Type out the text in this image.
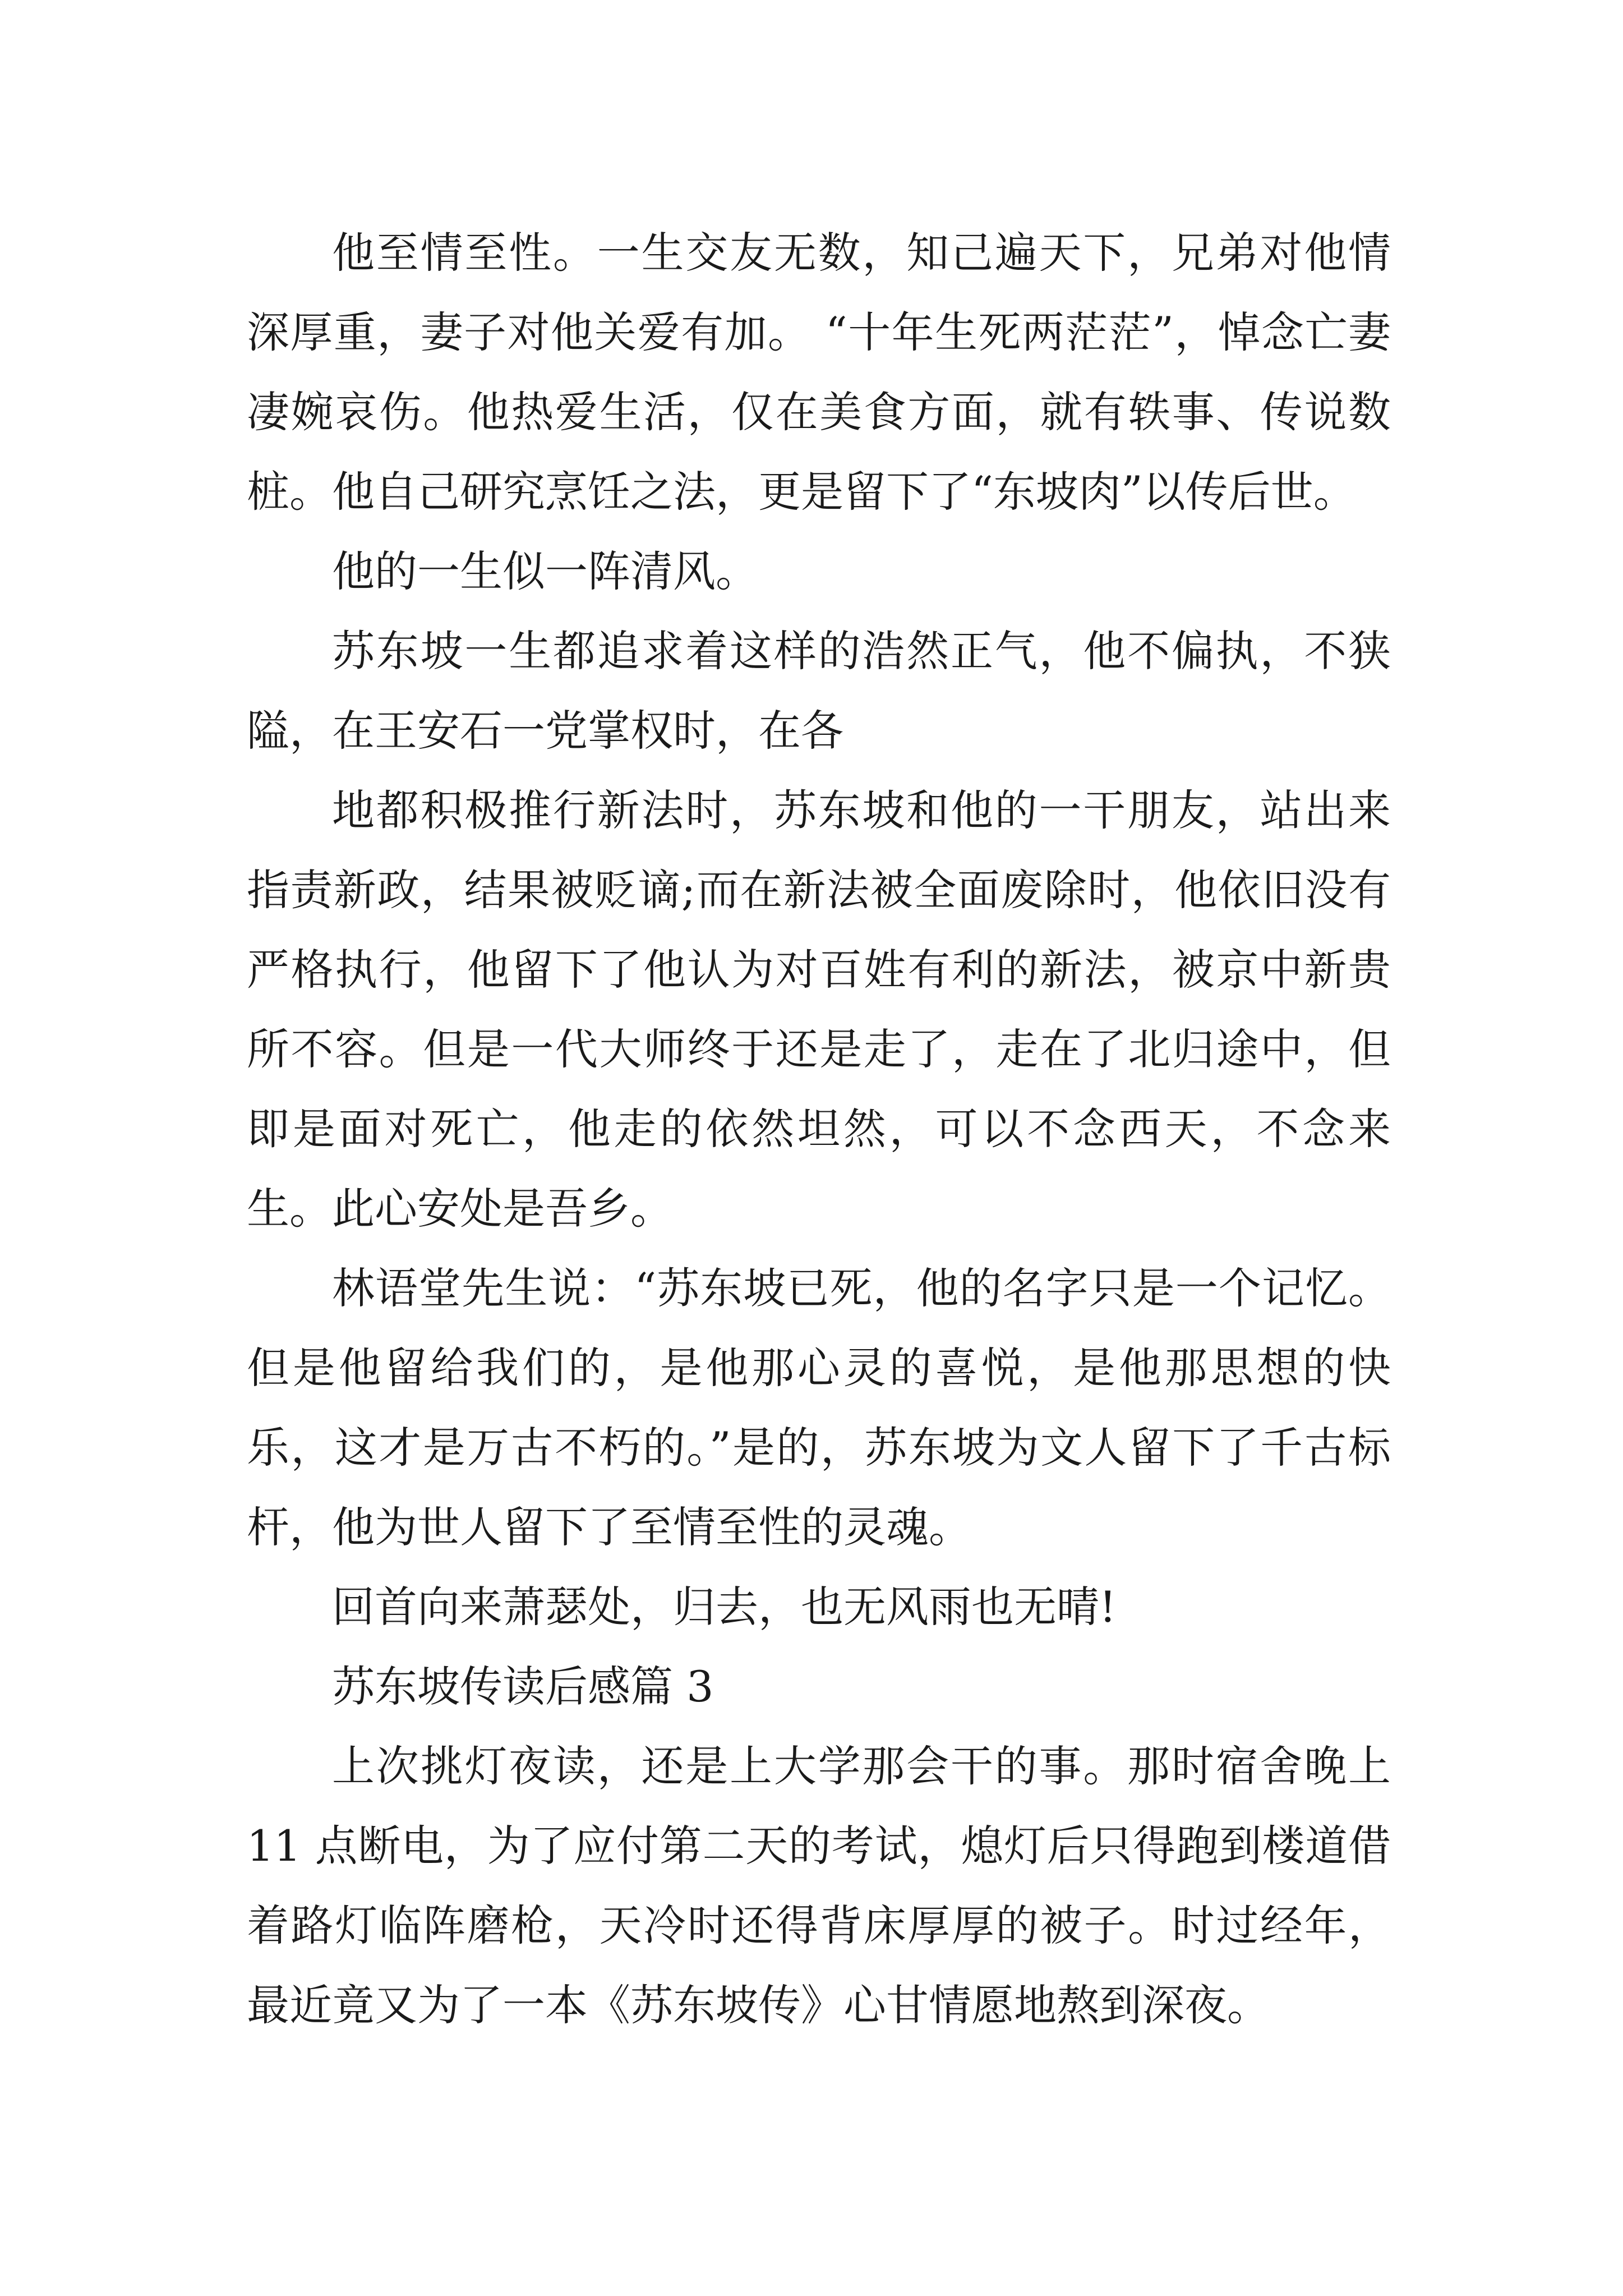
他至情至性。一生交友无数，知己遍天下，兄弟对他情深厚重，妻子对他关爱有加。 “十年生死两茫茫”，悼念亡妻凄婉哀伤。他热爱生活，仅在美食方面，就有轶事、传说数桩。他自己研究烹饪之法，更是留下了“东坡肉”以传后世。

他的一生似一阵清风。

苏东坡一生都追求着这样的浩然正气，他不偏执，不狭隘，在王安石一党掌权时，在各

地都积极推行新法时，苏东坡和他的一干朋友，站出来指责新政，结果被贬谪;而在新法被全面废除时，他依旧没有严格执行，他留下了他认为对百姓有利的新法，被京中新贵所不容。但是一代大师终于还是走了，走在了北归途中，但即是面对死亡，他走的依然坦然，可以不念西天，不念来生。此心安处是吾乡。

林语堂先生说：“苏东坡已死，他的名字只是一个记忆。但是他留给我们的，是他那心灵的喜悦，是他那思想的快乐，这才是万古不朽的。”是的，苏东坡为文人留下了千古标杆，他为世人留下了至情至性的灵魂。

回首向来萧瑟处，归去，也无风雨也无晴!

苏东坡传读后感篇 3

上次挑灯夜读，还是上大学那会干的事。那时宿舍晚上 11 点断电，为了应付第二天的考试，熄灯后只得跑到楼道借着路灯临阵磨枪，天冷时还得背床厚厚的被子。时过经年，最近竟又为了一本《苏东坡传》心甘情愿地熬到深夜。
